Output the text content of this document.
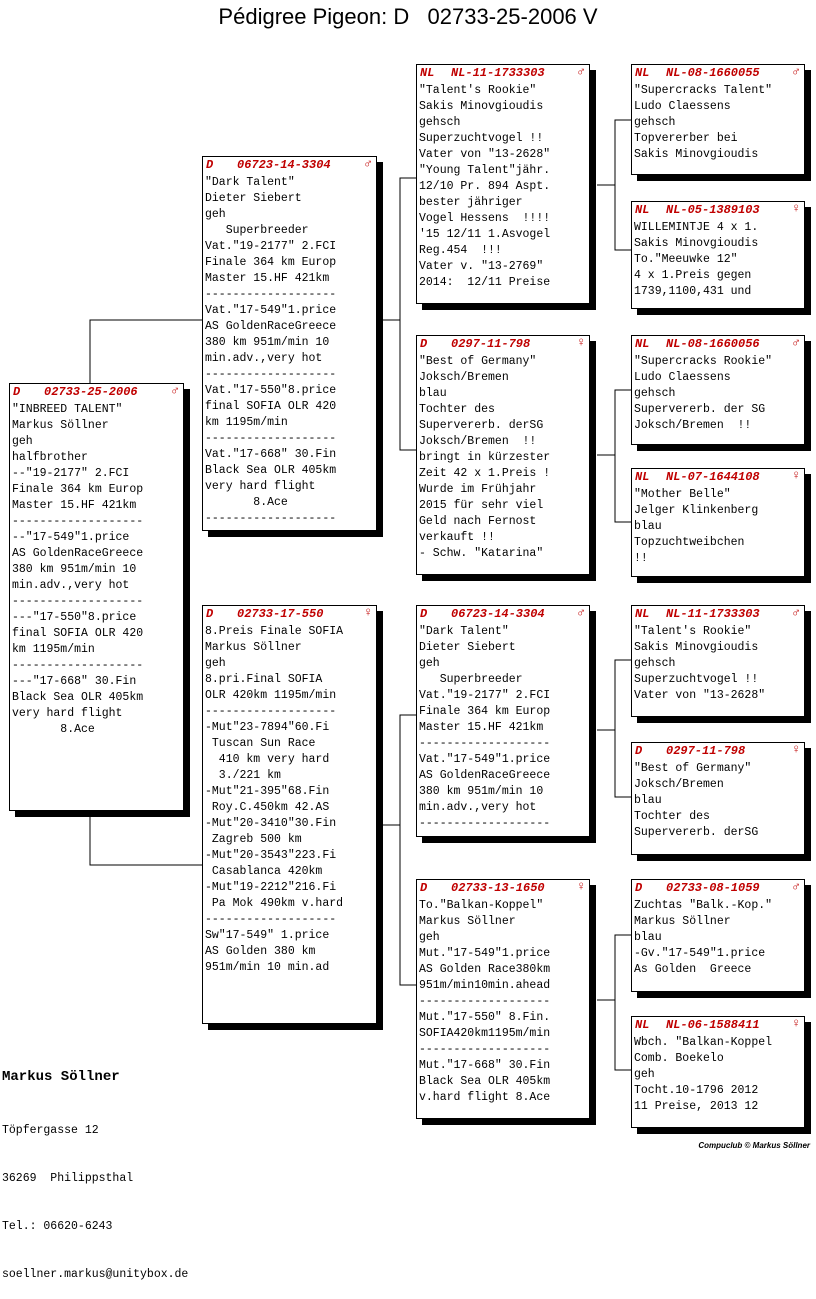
Pédigree Pigeon: D   02733-25-2006 V

D

02733-25-2006

	♂

"INBREED TALENT"
Markus Söllner
geh
halfbrother
--"19-2177" 2.FCI
Finale 364 km Europ
Master 15.HF 421km
-------------------
--"17-549"1.price
AS GoldenRaceGreece
380 km 951m/min 10
min.adv.,very hot
-------------------
---"17-550"8.price
final SOFIA OLR 420
km 1195m/min
-------------------
---"17-668" 30.Fin
Black Sea OLR 405km
very hard flight
8.Ace

D

06723-14-3304

	♂

"Dark Talent"
Dieter Siebert
geh
Superbreeder
Vat."19-2177" 2.FCI
Finale 364 km Europ
Master 15.HF 421km
-------------------
Vat."17-549"1.price
AS GoldenRaceGreece
380 km 951m/min 10
min.adv.,very hot
-------------------
Vat."17-550"8.price
final SOFIA OLR 420
km 1195m/min
-------------------
Vat."17-668" 30.Fin
Black Sea OLR 405km
very hard flight
8.Ace
-------------------

D

02733-17-550

	♀

8.Preis Finale SOFIA
Markus Söllner
geh
8.pri.Final SOFIA
OLR 420km 1195m/min
-------------------
-Mut"23-7894"60.Fi
Tuscan Sun Race
410 km very hard
3./221 km
-Mut"21-395"68.Fin
Roy.C.450km 42.AS
-Mut"20-3410"30.Fin
Zagreb 500 km
-Mut"20-3543"223.Fi
Casablanca 420km
-Mut"19-2212"216.Fi
Pa Mok 490km v.hard
-------------------
Sw"17-549" 1.price
AS Golden 380 km
951m/min 10 min.ad

NL

NL-11-1733303

	♂

"Talent's Rookie"
Sakis Minovgioudis
gehsch
Superzuchtvogel !!
Vater von "13-2628"
"Young Talent"jähr.
12/10 Pr. 894 Aspt.
bester jähriger
Vogel Hessens  !!!!
'15 12/11 1.Asvogel
Reg.454  !!!
Vater v. "13-2769"
2014:  12/11 Preise

D

0297-11-798

	♀

"Best of Germany"
Joksch/Bremen
blau
Tochter des
Supervererb. derSG
Joksch/Bremen  !!
bringt in kürzester
Zeit 42 x 1.Preis !
Wurde im Frühjahr
2015 für sehr viel
Geld nach Fernost
verkauft !!
- Schw. "Katarina"

D

06723-14-3304

	♂

"Dark Talent"
Dieter Siebert
geh
Superbreeder
Vat."19-2177" 2.FCI
Finale 364 km Europ
Master 15.HF 421km
-------------------
Vat."17-549"1.price
AS GoldenRaceGreece
380 km 951m/min 10
min.adv.,very hot
-------------------

D

02733-13-1650

	♀

To."Balkan-Koppel"
Markus Söllner
geh
Mut."17-549"1.price
AS Golden Race380km
951m/min10min.ahead
-------------------
Mut."17-550" 8.Fin.
SOFIA420km1195m/min
-------------------
Mut."17-668" 30.Fin
Black Sea OLR 405km
v.hard flight 8.Ace

NL

NL-08-1660055

	♂

"Supercracks Talent"
Ludo Claessens
gehsch
Topvererber bei
Sakis Minovgioudis

NL

NL-05-1389103

	♀

WILLEMINTJE 4 x 1.
Sakis Minovgioudis
To."Meeuwke 12"
4 x 1.Preis gegen
1739,1100,431 und

NL

NL-08-1660056

	♂

"Supercracks Rookie"
Ludo Claessens
gehsch
Supervererb. der SG
Joksch/Bremen  !!

NL

NL-07-1644108

	♀

"Mother Belle"
Jelger Klinkenberg
blau
Topzuchtweibchen
!!

NL

NL-11-1733303

	♂

"Talent's Rookie"
Sakis Minovgioudis
gehsch
Superzuchtvogel !!
Vater von "13-2628"

D

0297-11-798

	♀

"Best of Germany"
Joksch/Bremen
blau
Tochter des
Supervererb. derSG

D

02733-08-1059

	♂

Zuchtas "Balk.-Kop."
Markus Söllner
blau
-Gv."17-549"1.price
As Golden  Greece

NL

NL-06-1588411

	♀

Wbch. "Balkan-Koppel
Comb. Boekelo
geh
Tocht.10-1796 2012
11 Preise, 2013 12

Markus Söllner

Töpfergasse 12

36269  Philippsthal

Tel.: 06620-6243

soellner.markus@unitybox.de

Compuclub © Markus Söllner
